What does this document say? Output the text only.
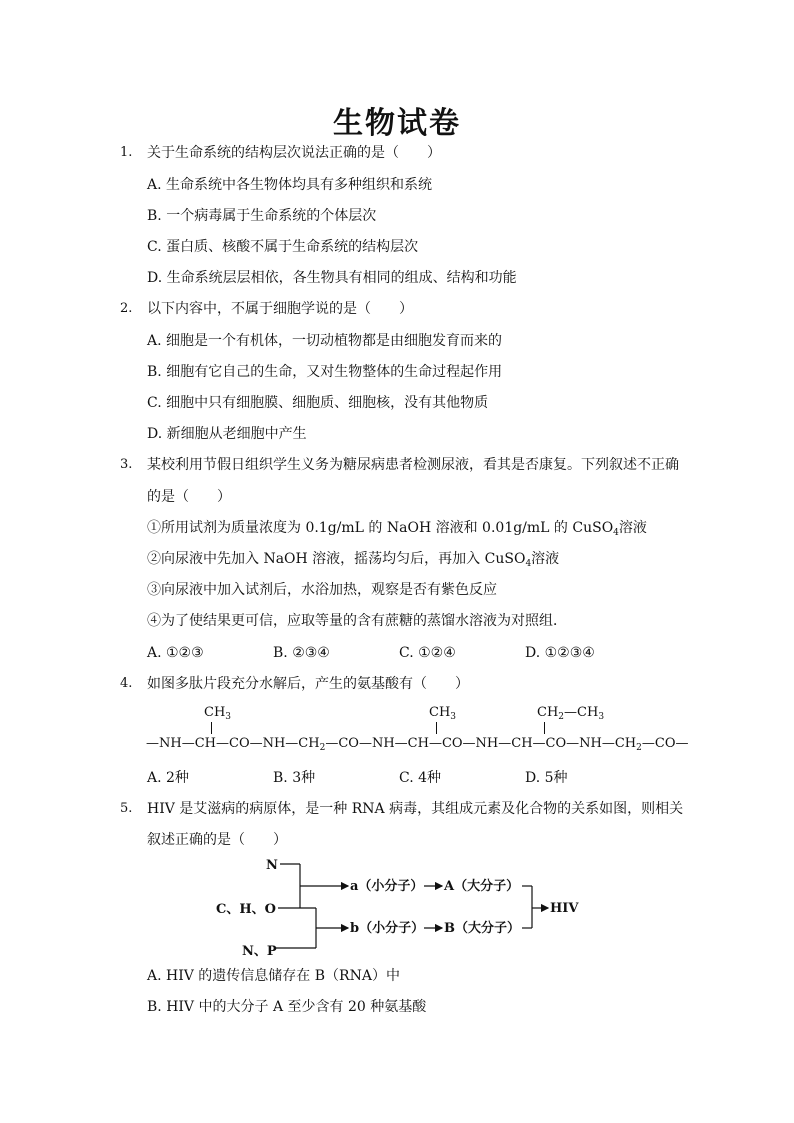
生物试卷
1. 关于生命系统的结构层次说法正确的是（　　）
A. 生命系统中各生物体均具有多种组织和系统
B. 一个病毒属于生命系统的个体层次
C. 蛋白质、核酸不属于生命系统的结构层次
D. 生命系统层层相依，各生物具有相同的组成、结构和功能
2. 以下内容中，不属于细胞学说的是（　　）
A. 细胞是一个有机体，一切动植物都是由细胞发育而来的
B. 细胞有它自己的生命，又对生物整体的生命过程起作用
C. 细胞中只有细胞膜、细胞质、细胞核，没有其他物质
D. 新细胞从老细胞中产生
3. 某校利用节假日组织学生义务为糖尿病患者检测尿液，看其是否康复。下列叙述不正确
的是（　　）
①所用试剂为质量浓度为 0.1g/mL 的 NaOH 溶液和 0.01g/mL 的 CuSO$_4$溶液
②向尿液中先加入 NaOH 溶液，摇荡均匀后，再加入 CuSO$_4$溶液
③向尿液中加入试剂后，水浴加热，观察是否有紫色反应
④为了使结果更可信，应取等量的含有蔗糖的蒸馏水溶液为对照组．
A. ①②③	B. ②③④	C. ①②④	D. ①②③④
4. 如图多肽片段充分水解后，产生的氨基酸有（　　）
$CH_3$	$CH_3$	$CH_2—CH_3$
$—NH—CH—CO—NH—CH_2—CO—NH—CH—CO—NH—CH—CO—NH—CH_2—CO—$
A. 2种	B. 3种	C. 4种	D. 5种
5. HIV 是艾滋病的病原体，是一种 RNA 病毒，其组成元素及化合物的关系如图，则相关
叙述正确的是（　　）
N
C、H、O
N、P
a（小分子） A（大分子）
b（小分子） B（大分子）
HIV
A. HIV 的遗传信息储存在 B（RNA）中
B. HIV 中的大分子 A 至少含有 20 种氨基酸
